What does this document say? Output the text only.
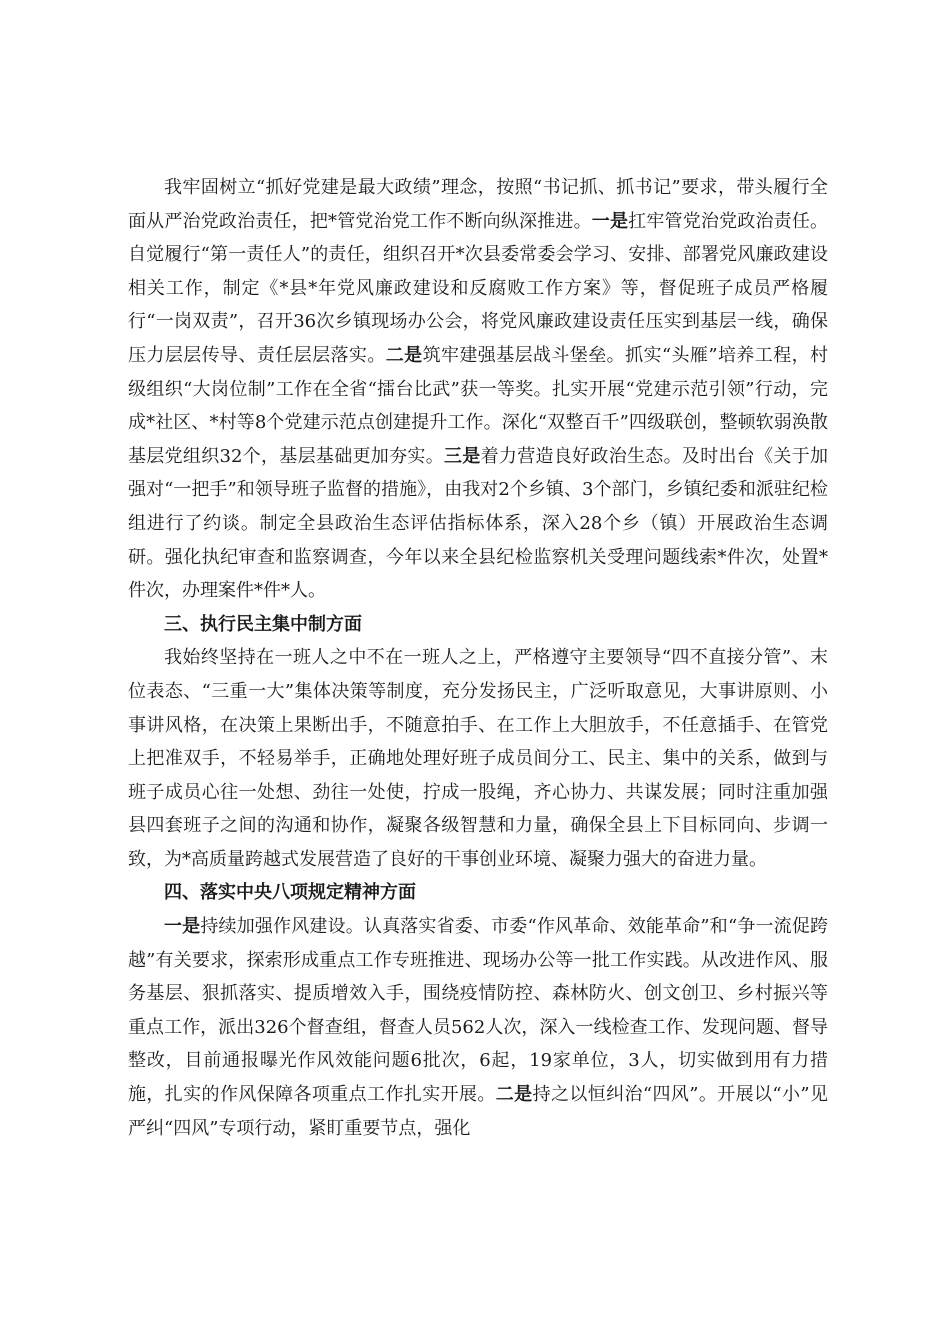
我牢固树立“抓好党建是最大政绩”理念，按照“书记抓、抓书记”要求，带头履行全面从严治党政治责任，把*管党治党工作不断向纵深推进。一是扛牢管党治党政治责任。自觉履行“第一责任人”的责任，组织召开*次县委常委会学习、安排、部署党风廉政建设相关工作，制定《*县*年党风廉政建设和反腐败工作方案》等，督促班子成员严格履行“一岗双责”，召开36次乡镇现场办公会，将党风廉政建设责任压实到基层一线，确保压力层层传导、责任层层落实。二是筑牢建强基层战斗堡垒。抓实“头雁”培养工程，村级组织“大岗位制”工作在全省“擂台比武”获一等奖。扎实开展“党建示范引领”行动，完成*社区、*村等8个党建示范点创建提升工作。深化“双整百千”四级联创，整顿软弱涣散基层党组织32个，基层基础更加夯实。三是着力营造良好政治生态。及时出台《关于加强对“一把手”和领导班子监督的措施》，由我对2个乡镇、3个部门，乡镇纪委和派驻纪检组进行了约谈。制定全县政治生态评估指标体系，深入28个乡（镇）开展政治生态调研。强化执纪审查和监察调查，今年以来全县纪检监察机关受理问题线索*件次，处置*件次，办理案件*件*人。

三、执行民主集中制方面

我始终坚持在一班人之中不在一班人之上，严格遵守主要领导“四不直接分管”、末位表态、“三重一大”集体决策等制度，充分发扬民主，广泛听取意见，大事讲原则、小事讲风格，在决策上果断出手，不随意拍手、在工作上大胆放手，不任意插手、在管党上把准双手，不轻易举手，正确地处理好班子成员间分工、民主、集中的关系，做到与班子成员心往一处想、劲往一处使，拧成一股绳，齐心协力、共谋发展；同时注重加强县四套班子之间的沟通和协作，凝聚各级智慧和力量，确保全县上下目标同向、步调一致，为*高质量跨越式发展营造了良好的干事创业环境、凝聚力强大的奋进力量。

四、落实中央八项规定精神方面

一是持续加强作风建设。认真落实省委、市委“作风革命、效能革命”和“争一流促跨越”有关要求，探索形成重点工作专班推进、现场办公等一批工作实践。从改进作风、服务基层、狠抓落实、提质增效入手，围绕疫情防控、森林防火、创文创卫、乡村振兴等重点工作，派出326个督查组，督查人员562人次，深入一线检查工作、发现问题、督导整改，目前通报曝光作风效能问题6批次，6起，19家单位，3人，切实做到用有力措施，扎实的作风保障各项重点工作扎实开展。二是持之以恒纠治“四风”。开展以“小”见严纠“四风”专项行动，紧盯重要节点，强化
